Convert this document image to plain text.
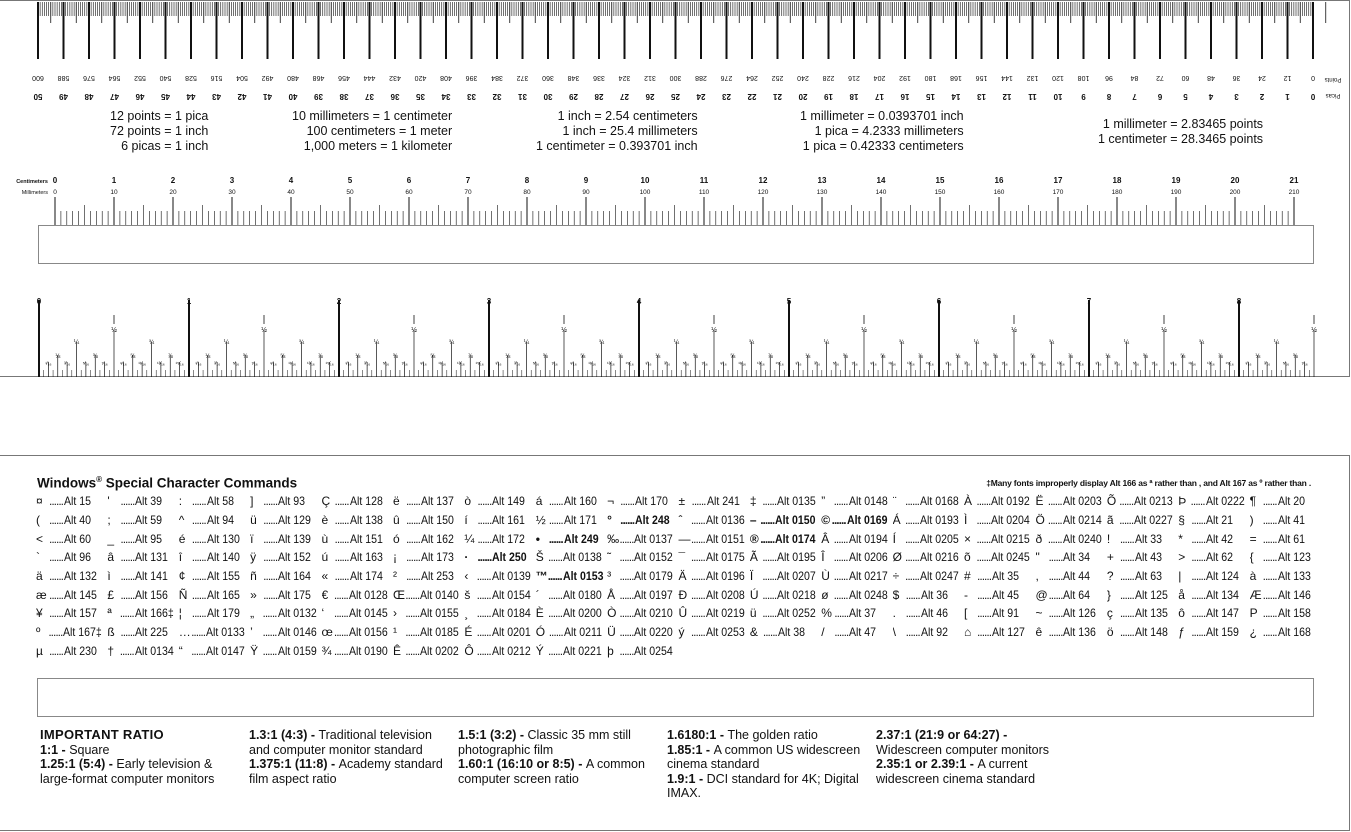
0
0
1
12
2
24
3
36
4
48
5
60
6
72
7
84
8
96
9
108
10
120
11
132
12
144
13
156
14
168
15
180
16
192
17
204
18
216
19
228
20
240
21
252
22
264
23
276
24
288
25
300
26
312
27
324
28
336
29
348
30
360
31
372
32
384
33
396
34
408
35
420
36
432
37
444
38
456
39
468
40
480
41
492
42
504
43
516
44
528
45
540
46
552
47
564
48
576
49
588
50
600
Picas
Points
Centimeters
Millimeters
0
0
1
10
2
20
3
30
4
40
5
50
6
60
7
70
8
80
9
90
10
100
11
110
12
120
13
130
14
140
15
150
16
160
17
170
18
180
19
190
20
200
21
210
0	1	2	3	4	5	6	7	8
½
¼	¾
⅛	⅜	⅝	⅞
¹⁄₁₆	³⁄₁₆ ⁵⁄₁₆ ⁷⁄₁₆ ⁹⁄₁₆ ¹¹⁄₁₆ ¹³⁄₁₆ ¹⁵⁄₁₆
½
¼	¾
⅛	⅜	⅝	⅞
¹⁄₁₆	³⁄₁₆ ⁵⁄₁₆ ⁷⁄₁₆ ⁹⁄₁₆ ¹¹⁄₁₆ ¹³⁄₁₆ ¹⁵⁄₁₆
½
¼	¾
⅛	⅜	⅝	⅞
¹⁄₁₆	³⁄₁₆ ⁵⁄₁₆ ⁷⁄₁₆ ⁹⁄₁₆ ¹¹⁄₁₆ ¹³⁄₁₆ ¹⁵⁄₁₆
½
¼	¾
⅛	⅜	⅝	⅞
¹⁄₁₆	³⁄₁₆ ⁵⁄₁₆ ⁷⁄₁₆ ⁹⁄₁₆ ¹¹⁄₁₆ ¹³⁄₁₆ ¹⁵⁄₁₆
½
¼	¾
⅛	⅜	⅝	⅞
¹⁄₁₆	³⁄₁₆ ⁵⁄₁₆ ⁷⁄₁₆ ⁹⁄₁₆ ¹¹⁄₁₆ ¹³⁄₁₆ ¹⁵⁄₁₆
½
¼	¾
⅛	⅜	⅝	⅞
¹⁄₁₆	³⁄₁₆ ⁵⁄₁₆ ⁷⁄₁₆ ⁹⁄₁₆ ¹¹⁄₁₆ ¹³⁄₁₆ ¹⁵⁄₁₆
½
¼	¾
⅛	⅜	⅝	⅞
¹⁄₁₆	³⁄₁₆ ⁵⁄₁₆ ⁷⁄₁₆ ⁹⁄₁₆ ¹¹⁄₁₆ ¹³⁄₁₆ ¹⁵⁄₁₆
½
¼	¾
⅛	⅜	⅝	⅞
¹⁄₁₆	³⁄₁₆ ⁵⁄₁₆ ⁷⁄₁₆ ⁹⁄₁₆ ¹¹⁄₁₆ ¹³⁄₁₆ ¹⁵⁄₁₆
½
¼
⅛	⅜
¹⁄₁₆	³⁄₁₆ ⁵⁄₁₆ ⁷⁄₁₆
12 points = 1 pica
72 points = 1 inch
6 picas = 1 inch
10 millimeters = 1 centimeter
100 centimeters = 1 meter
1,000 meters = 1 kilometer
1 inch = 2.54 centimeters
1 inch = 25.4 millimeters
1 centimeter = 0.393701 inch
1 millimeter = 0.0393701 inch
1 pica = 4.2333 millimeters
1 pica = 0.42333 centimeters
1 millimeter = 2.83465 points
1 centimeter = 28.3465 points
Windows® Special Character Commands	‡Many fonts improperly display Alt 166 as ª rather than , and Alt 167 as º rather than .
¤ ...... Alt 15 ' ...... Alt 39 : ...... Alt 58 ] ...... Alt 93 Ç ...... Alt 128 ë ...... Alt 137 ò ...... Alt 149 á ...... Alt 160 ¬ ...... Alt 170 ± ...... Alt 241 ‡ ...... Alt 0135 ” ...... Alt 0148 ¨ ...... Alt 0168 À ...... Alt 0192 Ë ...... Alt 0203 Õ ...... Alt 0213 Þ ...... Alt 0222 ¶ ...... Alt 20
( ...... Alt 40 ; ...... Alt 59 ^ ...... Alt 94 ü ...... Alt 129 è ...... Alt 138 û ...... Alt 150 í ...... Alt 161 ½ ...... Alt 171 ° ...... Alt 248 ˆ ...... Alt 0136 – ...... Alt 0150 © ...... Alt 0169 Á ...... Alt 0193 Ì ...... Alt 0204 Ö ...... Alt 0214 ã ...... Alt 0227 § ...... Alt 21 ) ...... Alt 41
< ...... Alt 60 _ ...... Alt 95 é ...... Alt 130 ï ...... Alt 139 ù ...... Alt 151 ó ...... Alt 162 ¼ ...... Alt 172 • ...... Alt 249 ‰ ...... Alt 0137 — ...... Alt 0151 ® ...... Alt 0174 Â ...... Alt 0194 Í ...... Alt 0205 × ...... Alt 0215 ð ...... Alt 0240 ! ...... Alt 33 * ...... Alt 42 = ...... Alt 61
` ...... Alt 96 â ...... Alt 131 î ...... Alt 140 ÿ ...... Alt 152 ú ...... Alt 163 ¡ ...... Alt 173 · ...... Alt 250 Š ...... Alt 0138 ˜ ...... Alt 0152 ¯ ...... Alt 0175 Ã ...... Alt 0195 Î ...... Alt 0206 Ø ...... Alt 0216 õ ...... Alt 0245 " ...... Alt 34 + ...... Alt 43 > ...... Alt 62 { ...... Alt 123
ä ...... Alt 132 ì ...... Alt 141 ¢ ...... Alt 155 ñ ...... Alt 164 « ...... Alt 174 ² ...... Alt 253 ‹ ...... Alt 0139 ™ ...... Alt 0153 ³ ...... Alt 0179 Ä ...... Alt 0196 Ï ...... Alt 0207 Ù ...... Alt 0217 ÷ ...... Alt 0247 # ...... Alt 35 , ...... Alt 44 ? ...... Alt 63 | ...... Alt 124 à ...... Alt 133
æ ...... Alt 145 £ ...... Alt 156 Ñ ...... Alt 165 » ...... Alt 175 € ...... Alt 0128 Œ ...... Alt 0140 š ...... Alt 0154 ´ ...... Alt 0180 Å ...... Alt 0197 Ð ...... Alt 0208 Ú ...... Alt 0218 ø ...... Alt 0248 $ ...... Alt 36 - ...... Alt 45 @ ...... Alt 64 } ...... Alt 125 å ...... Alt 134 Æ ...... Alt 146
¥ ...... Alt 157 ª ...... Alt 166‡ ¦ ...... Alt 179 „ ...... Alt 0132 ‘ ...... Alt 0145 › ...... Alt 0155 ¸ ...... Alt 0184 È ...... Alt 0200 Ò ...... Alt 0210 Û ...... Alt 0219 ü ...... Alt 0252 % ...... Alt 37 . ...... Alt 46 [ ...... Alt 91 ~ ...... Alt 126 ç ...... Alt 135 ô ...... Alt 147 P ...... Alt 158
º ...... Alt 167‡ ß ...... Alt 225 … ...... Alt 0133 ’ ...... Alt 0146 œ ...... Alt 0156 ¹ ...... Alt 0185 É ...... Alt 0201 Ó ...... Alt 0211 Ü ...... Alt 0220 ý ...... Alt 0253 & ...... Alt 38 / ...... Alt 47 \ ...... Alt 92 ⌂ ...... Alt 127 ê ...... Alt 136 ö ...... Alt 148 ƒ ...... Alt 159 ¿ ...... Alt 168
µ ...... Alt 230 † ...... Alt 0134 “ ...... Alt 0147 Ÿ ...... Alt 0159 ¾ ...... Alt 0190 Ê ...... Alt 0202 Ô ...... Alt 0212 Ý ...... Alt 0221 þ ...... Alt 0254
IMPORTANT RATIO
1:1 - Square
1.25:1 (5:4) - Early television & large-format computer monitors
1.3:1 (4:3) - Traditional television and computer monitor standard
1.375:1 (11:8) - Academy standard film aspect ratio
1.5:1 (3:2) - Classic 35 mm still photographic film
1.60:1 (16:10 or 8:5) - A common computer screen ratio
1.6180:1 - The golden ratio
1.85:1 - A common US widescreen cinema standard
1.9:1 - DCI standard for 4K; Digital IMAX.
2.37:1 (21:9 or 64:27) - Widescreen computer monitors
2.35:1 or 2.39:1 - A current widescreen cinema standard
